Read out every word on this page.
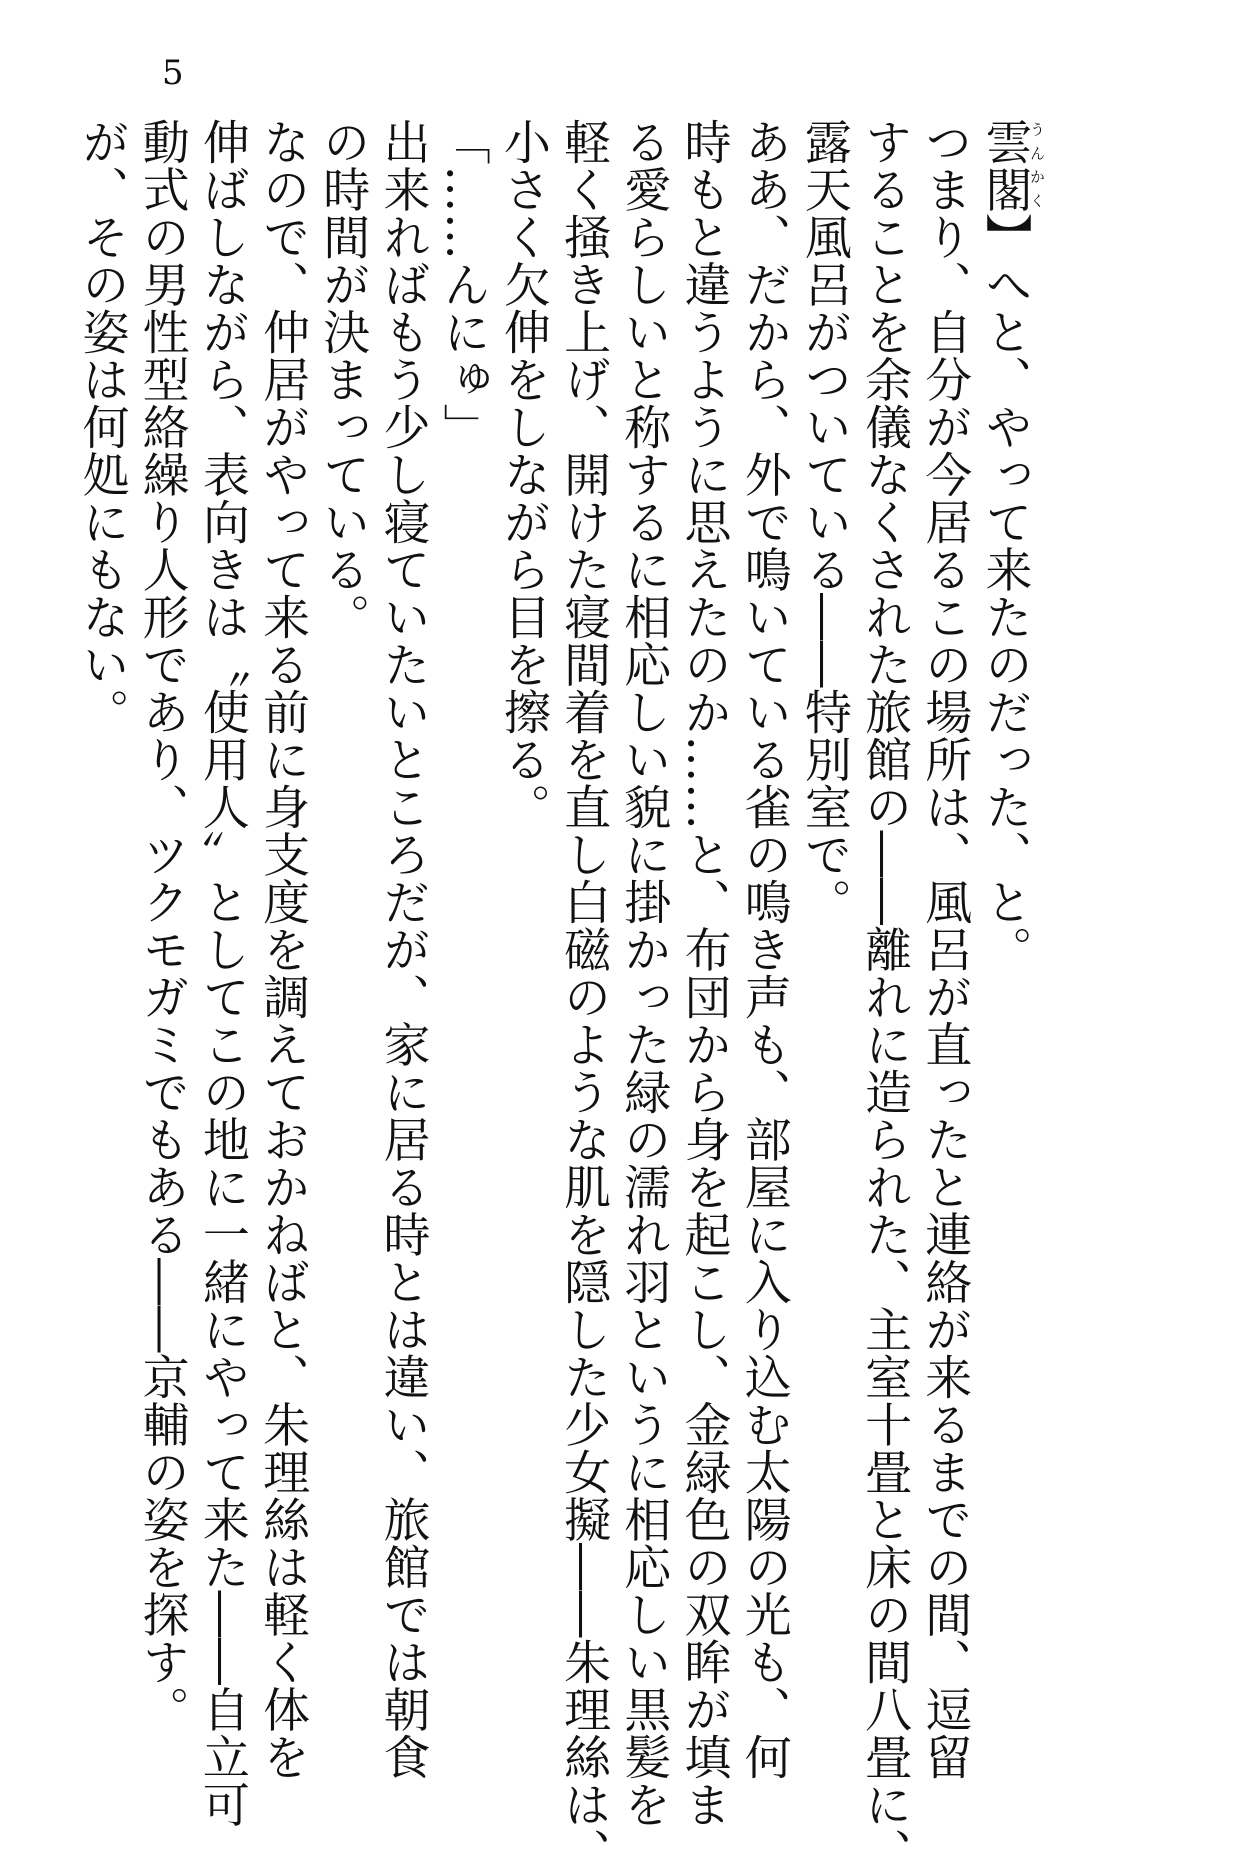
5
雲閣うんかく】へと、やって来たのだった、と。
つまり、自分が今居るこの場所は、風呂が直ったと連絡が来るまでの間、逗留
することを余儀なくされた旅館の――離れに造られた、主室十畳と床の間八畳に、
露天風呂がついている――特別室で。
ああ、だから、外で鳴いている雀の鳴き声も、部屋に入り込む太陽の光も、何
時もと違うように思えたのか……と、布団から身を起こし、金緑色の双眸が填ま
る愛らしいと称するに相応しい貌に掛かった緑の濡れ羽というに相応しい黒髪を
軽く掻き上げ、開けた寝間着を直し白磁のような肌を隠した少女擬――朱理絲は、
小さく欠伸をしながら目を擦る。
「……んにゅ」
出来ればもう少し寝ていたいところだが、家に居る時とは違い、旅館では朝食
の時間が決まっている。
なので、仲居がやって来る前に身支度を調えておかねばと、朱理絲は軽く体を
伸ばしながら、表向きは〝使用人〟としてこの地に一緒にやって来た――自立可
動式の男性型絡繰り人形であり、ツクモガミでもある――京輔の姿を探す。
が、その姿は何処にもない。
